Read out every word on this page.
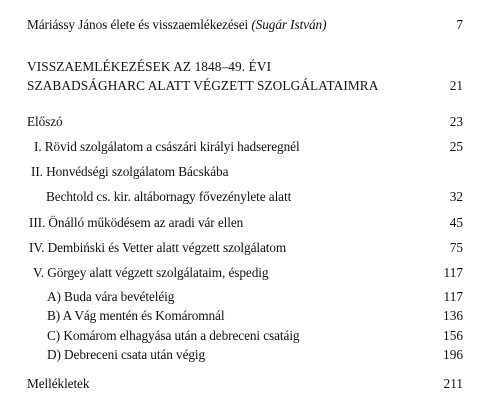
Máriássy János élete és visszaemlékezései (Sugár István)	7
VISSZAEMLÉKEZÉSEK AZ 1848–49. ÉVI
SZABADSÁGHARC ALATT VÉGZETT SZOLGÁLATAIMRA	21
Előszó	23
I. Rövid szolgálatom a császári királyi hadseregnél	25
II. Honvédségi szolgálatom Bácskába
Bechtold cs. kir. altábornagy fővezénylete alatt	32
III. Önálló működésem az aradi vár ellen	45
IV. Dembiński és Vetter alatt végzett szolgálatom	75
V. Görgey alatt végzett szolgálataim, éspedig	117
A) Buda vára bevételéig	117
B) A Vág mentén és Komáromnál	136
C) Komárom elhagyása után a debreceni csatáig	156
D) Debreceni csata után végig	196
Mellékletek	211
